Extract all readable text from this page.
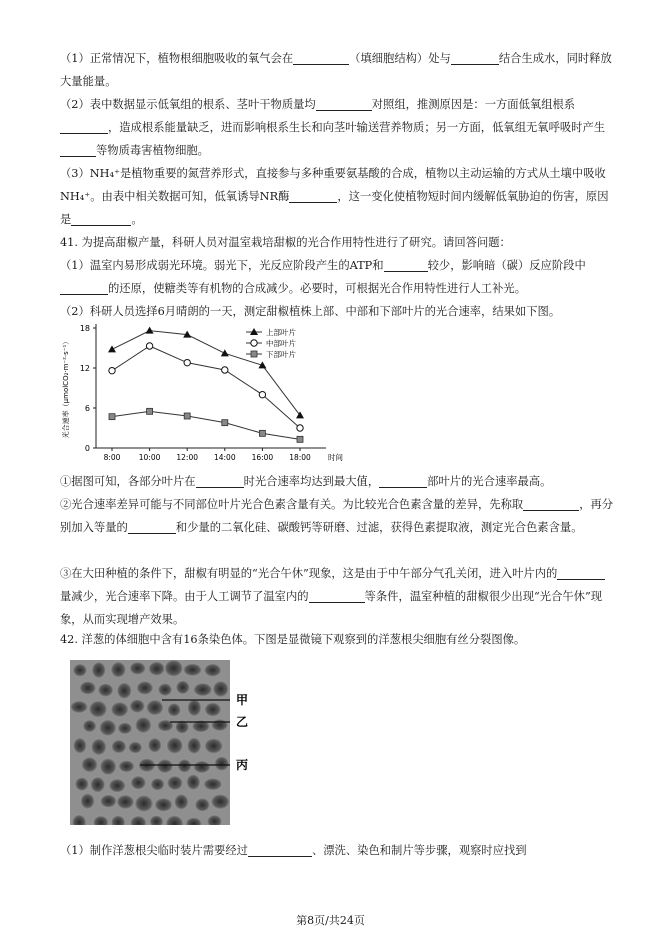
（1）正常情况下，植物根细胞吸收的氧气会在	（填细胞结构）处与	结合生成水，同时释放大量能量。

（2）表中数据显示低氧组的根系、茎叶干物质量均	对照组，推测原因是：一方面低氧组根系，造成根系能量缺乏，进而影响根系生长和向茎叶输送营养物质；另一方面，低氧组无氧呼吸时产生等物质毒害植物细胞。

（3）NH₄⁺是植物重要的氮营养形式，直接参与多种重要氨基酸的合成，植物以主动运输的方式从土壤中吸收NH₄⁺。由表中相关数据可知，低氧诱导NR酶	，这一变化使植物短时间内缓解低氧胁迫的伤害，原因是	。

41. 为提高甜椒产量，科研人员对温室栽培甜椒的光合作用特性进行了研究。请回答问题：

（1）温室内易形成弱光环境。弱光下，光反应阶段产生的ATP和	较少，影响暗（碳）反应阶段中的还原，使糖类等有机物的合成减少。必要时，可根据光合作用特性进行人工补光。

（2）科研人员选择6月晴朗的一天，测定甜椒植株上部、中部和下部叶片的光合速率，结果如下图。

0
6
12
18
8:00 10:00 12:00 14:00 16:00 18:00 时间
光合速率（μmolCO₂·m⁻²·s⁻¹）
上部叶片
中部叶片
下部叶片

①据图可知，各部分叶片在	时光合速率均达到最大值，	部叶片的光合速率最高。

②光合速率差异可能与不同部位叶片光合色素含量有关。为比较光合色素含量的差异，先称取	，再分别加入等量的	和少量的二氧化硅、碳酸钙等研磨、过滤，获得色素提取液，测定光合色素含量。

③在大田种植的条件下，甜椒有明显的“光合午休”现象，这是由于中午部分气孔关闭，进入叶片内的量减少，光合速率下降。由于人工调节了温室内的	等条件，温室种植的甜椒很少出现“光合午休”现象，从而实现增产效果。

42. 洋葱的体细胞中含有16条染色体。下图是显微镜下观察到的洋葱根尖细胞有丝分裂图像。

甲
乙
丙

（1）制作洋葱根尖临时装片需要经过	、漂洗、染色和制片等步骤，观察时应找到

第8页/共24页
